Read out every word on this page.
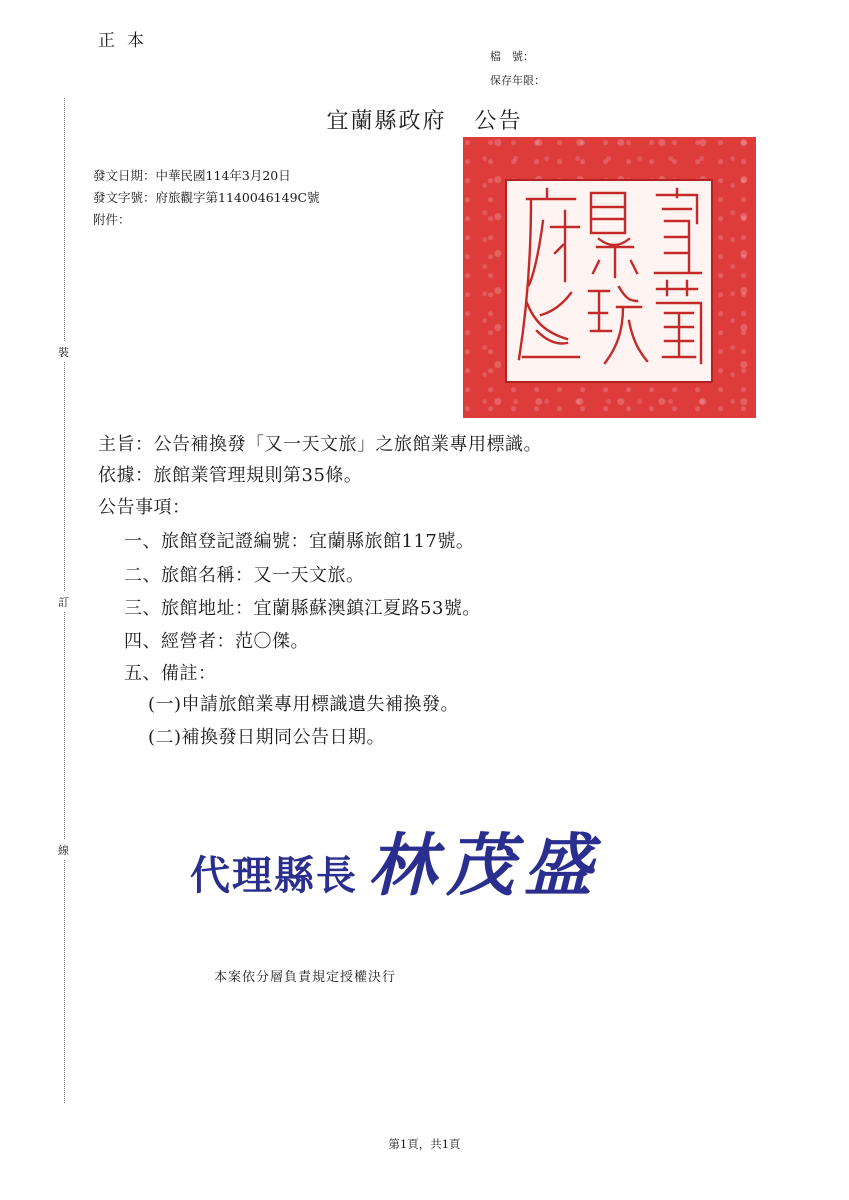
正本
檔　號：
保存年限：
宜蘭縣政府 公告
發文日期：中華民國114年3月20日
發文字號：府旅觀字第1140046149C號
附件：
裝
訂
線
主旨：公告補換發「又一天文旅」之旅館業專用標識。
依據：旅館業管理規則第35條。
公告事項：
一、旅館登記證編號：宜蘭縣旅館117號。
二、旅館名稱：又一天文旅。
三、旅館地址：宜蘭縣蘇澳鎮江夏路53號。
四、經營者：范〇傑。
五、備註：
(一)申請旅館業專用標識遺失補換發。
(二)補換發日期同公告日期。
代理縣長 林茂盛
本案依分層負責規定授權決行
第1頁，共1頁
